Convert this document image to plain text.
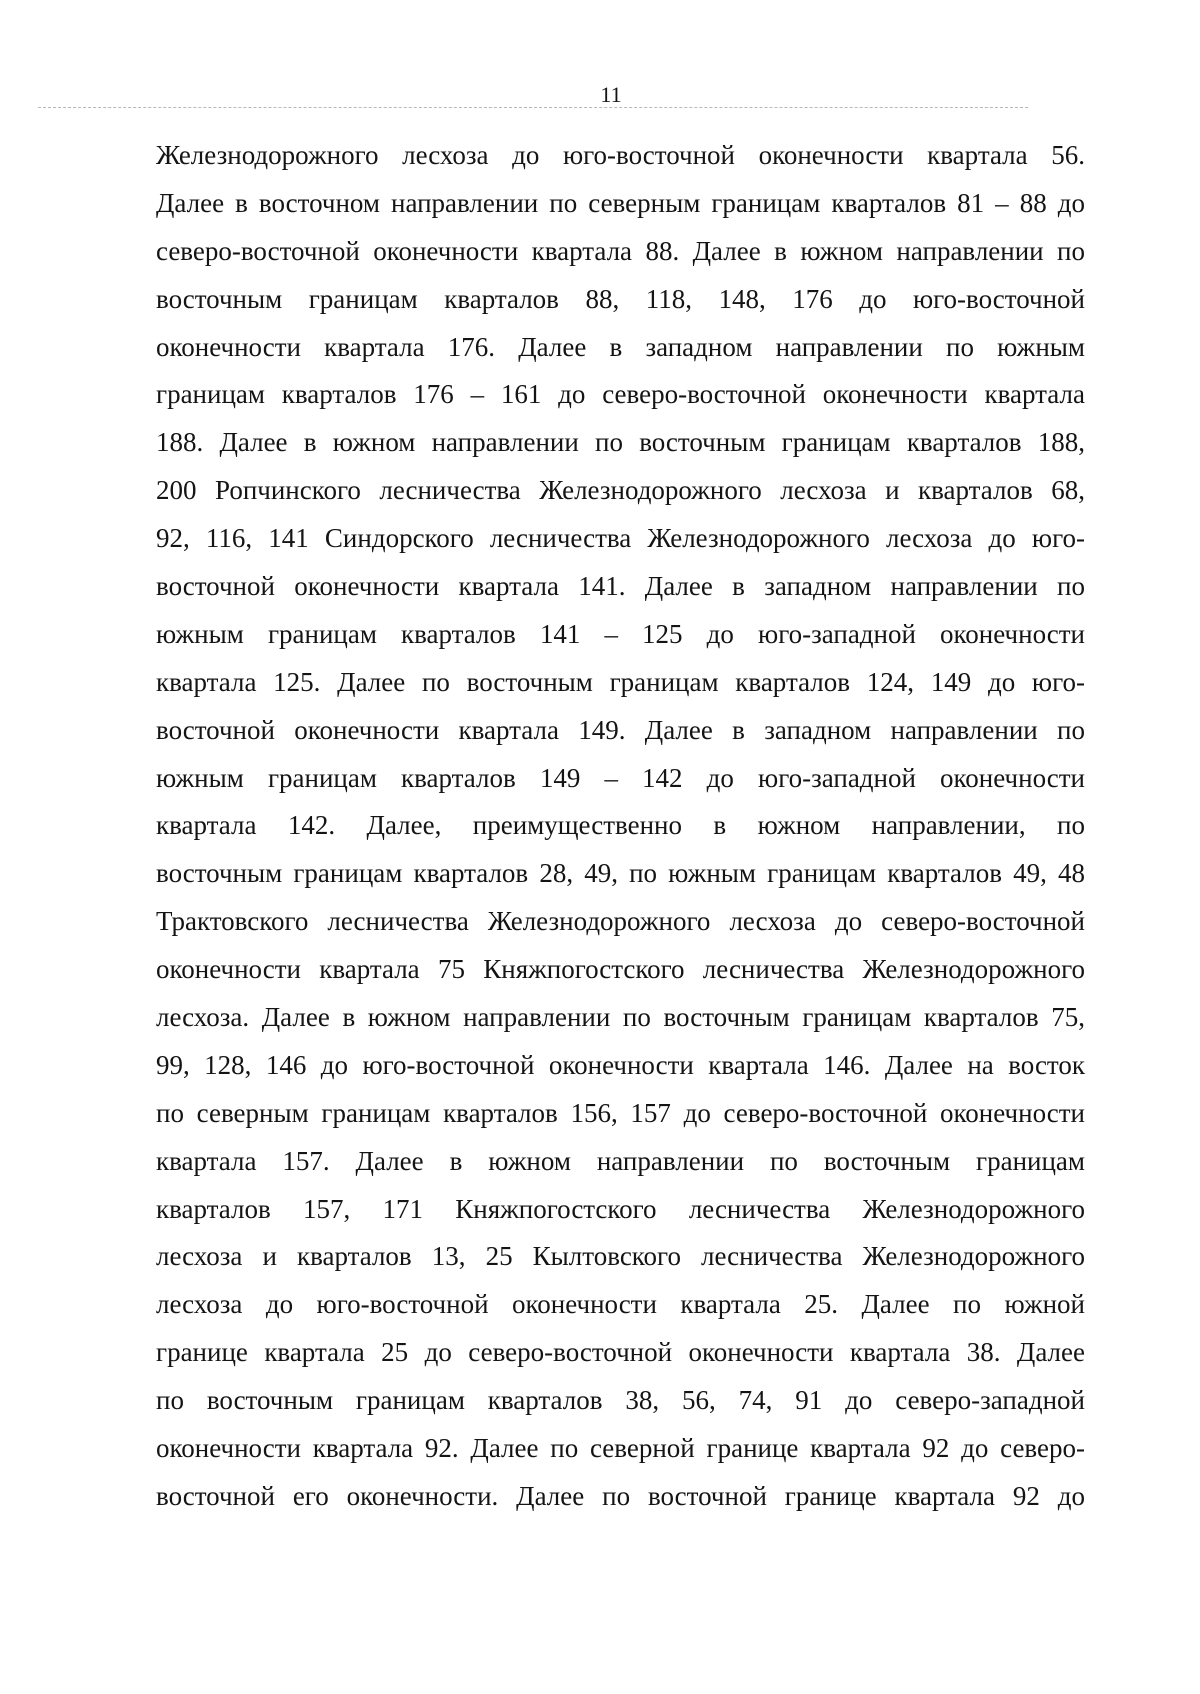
11
Железнодорожного лесхоза до юго-восточной оконечности квартала 56.
Далее в восточном направлении по северным границам кварталов 81 – 88 до
северо-восточной оконечности квартала 88. Далее в южном направлении по
восточным границам кварталов 88, 118, 148, 176 до юго-восточной
оконечности квартала 176. Далее в западном направлении по южным
границам кварталов 176 – 161 до северо-восточной оконечности квартала
188. Далее в южном направлении по восточным границам кварталов 188,
200 Ропчинского лесничества Железнодорожного лесхоза и кварталов 68,
92, 116, 141 Синдорского лесничества Железнодорожного лесхоза до юго-
восточной оконечности квартала 141. Далее в западном направлении по
южным границам кварталов 141 – 125 до юго-западной оконечности
квартала 125. Далее по восточным границам кварталов 124, 149 до юго-
восточной оконечности квартала 149. Далее в западном направлении по
южным границам кварталов 149 – 142 до юго-западной оконечности
квартала 142. Далее, преимущественно в южном направлении, по
восточным границам кварталов 28, 49, по южным границам кварталов 49, 48
Трактовского лесничества Железнодорожного лесхоза до северо-восточной
оконечности квартала 75 Княжпогостского лесничества Железнодорожного
лесхоза. Далее в южном направлении по восточным границам кварталов 75,
99, 128, 146 до юго-восточной оконечности квартала 146. Далее на восток
по северным границам кварталов 156, 157 до северо-восточной оконечности
квартала 157. Далее в южном направлении по восточным границам
кварталов 157, 171 Княжпогостского лесничества Железнодорожного
лесхоза и кварталов 13, 25 Кылтовского лесничества Железнодорожного
лесхоза до юго-восточной оконечности квартала 25. Далее по южной
границе квартала 25 до северо-восточной оконечности квартала 38. Далее
по восточным границам кварталов 38, 56, 74, 91 до северо-западной
оконечности квартала 92. Далее по северной границе квартала 92 до северо-
восточной его оконечности. Далее по восточной границе квартала 92 до
